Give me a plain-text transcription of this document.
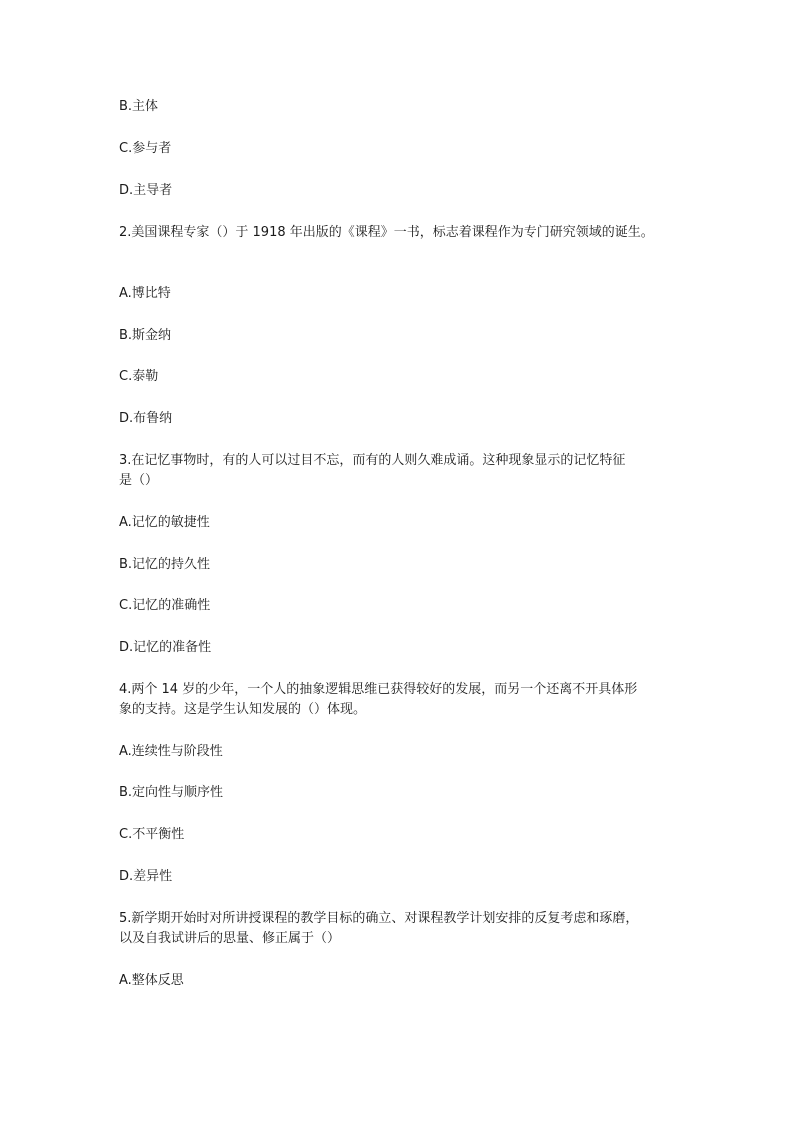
B.主体
C.参与者
D.主导者
2.美国课程专家（）于 1918 年出版的《课程》一书，标志着课程作为专门研究领域的诞生。
A.博比特
B.斯金纳
C.泰勒
D.布鲁纳
3.在记忆事物时，有的人可以过目不忘，而有的人则久难成诵。这种现象显示的记忆特征
是（）
A.记忆的敏捷性
B.记忆的持久性
C.记忆的准确性
D.记忆的准备性
4.两个 14 岁的少年，一个人的抽象逻辑思维已获得较好的发展，而另一个还离不开具体形
象的支持。这是学生认知发展的（）体现。
A.连续性与阶段性
B.定向性与顺序性
C.不平衡性
D.差异性
5.新学期开始时对所讲授课程的教学目标的确立、对课程教学计划安排的反复考虑和琢磨，
以及自我试讲后的思量、修正属于（）
A.整体反思
